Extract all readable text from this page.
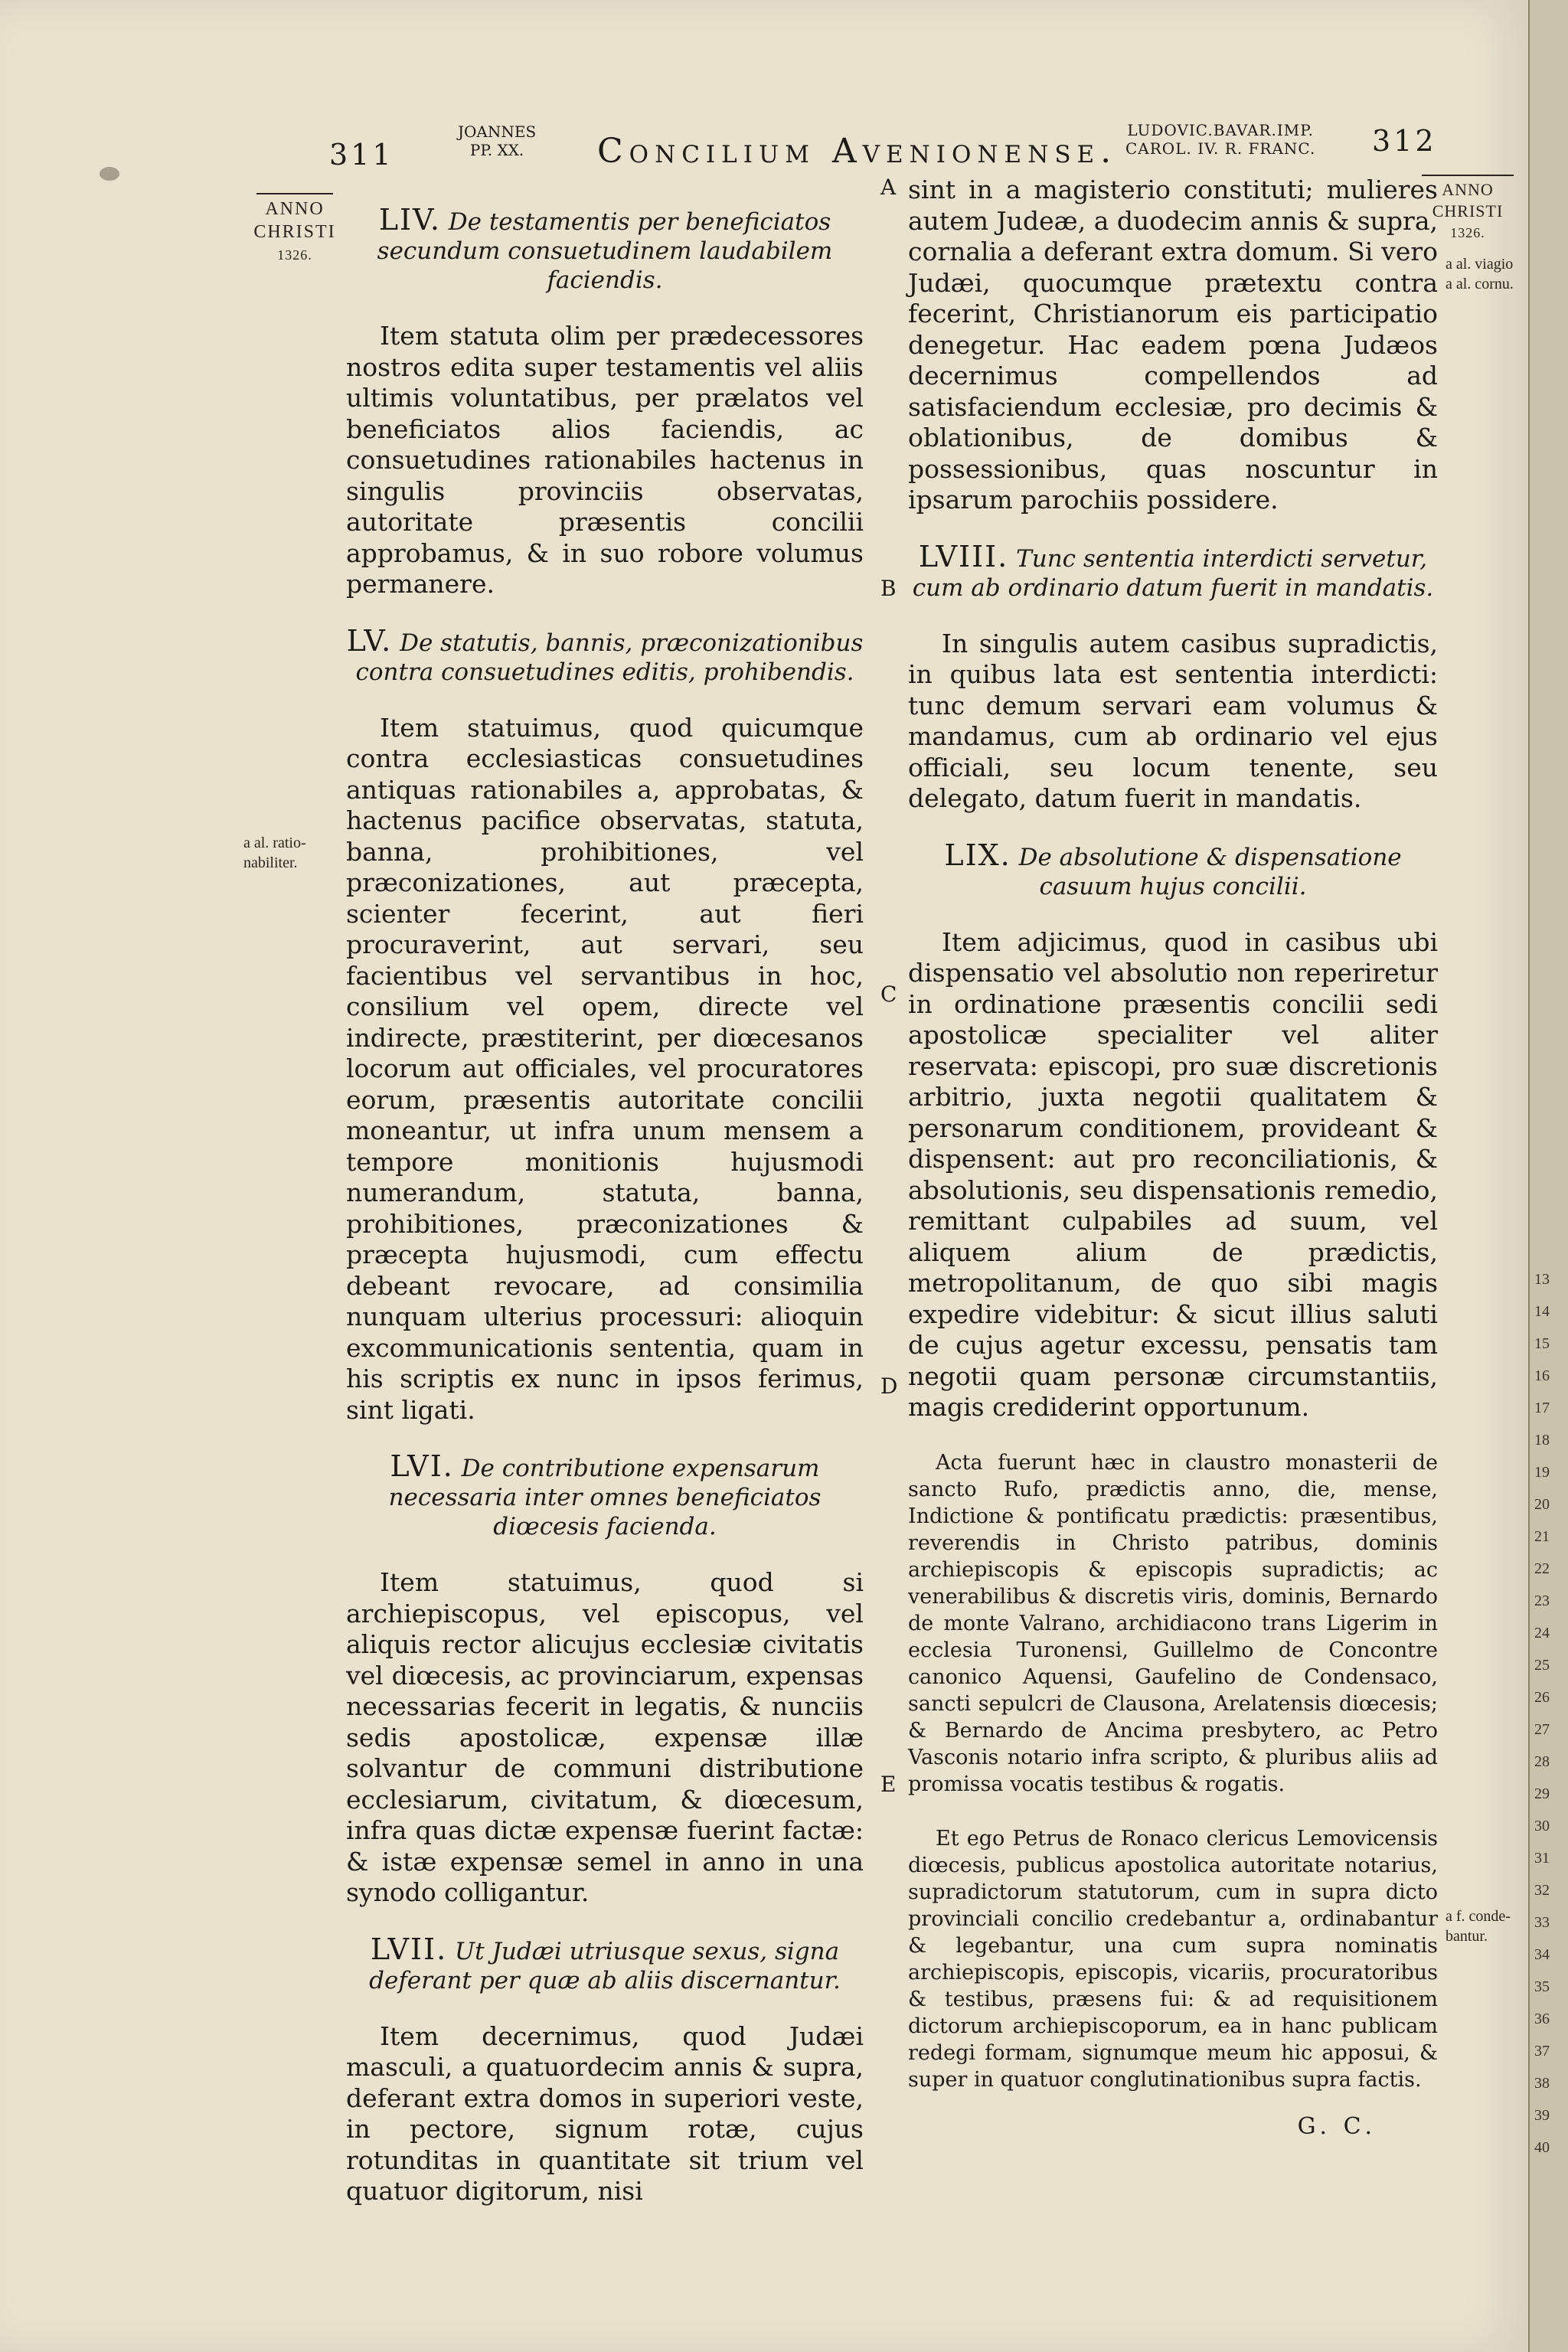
311
JOANNES
PP. XX.	Concilium Avenionense.
LUDOVIC.BAVAR.IMP.
CAROL. IV. R. FRANC. 312
ANNO
CHRISTI
1326.
ANNO
CHRISTI
1326.
a al. ratio-nabiliter.
a al. viagio
a al. cornu.
a f. conde-bantur.
A
B
C
D
E
LIV. De testamentis per beneficiatos secundum consuetudinem laudabilem faciendis.

Item statuta olim per prædecessores nostros edita super testamentis vel aliis ultimis voluntatibus, per prælatos vel beneficiatos alios faciendis, ac consuetudines rationabiles hactenus in singulis provinciis observatas, autoritate præsentis concilii approbamus, & in suo robore volumus permanere.

LV. De statutis, bannis, præconizationibus contra consuetudines editis, prohibendis.

Item statuimus, quod quicumque contra ecclesiasticas consuetudines antiquas rationabiles a, approbatas, & hactenus pacifice observatas, statuta, banna, prohibitiones, vel præconizationes, aut præcepta, scienter fecerint, aut fieri procuraverint, aut servari, seu facientibus vel servantibus in hoc, consilium vel opem, directe vel indirecte, præstiterint, per diœcesanos locorum aut officiales, vel procuratores eorum, præsentis autoritate concilii moneantur, ut infra unum mensem a tempore monitionis hujusmodi numerandum, statuta, banna, prohibitiones, præconizationes & præcepta hujusmodi, cum effectu debeant revocare, ad consimilia nunquam ulterius processuri: alioquin excommunicationis sententia, quam in his scriptis ex nunc in ipsos ferimus, sint ligati.

LVI. De contributione expensarum necessaria inter omnes beneficiatos diœcesis facienda.

Item statuimus, quod si archiepiscopus, vel episcopus, vel aliquis rector alicujus ecclesiæ civitatis vel diœcesis, ac provinciarum, expensas necessarias fecerit in legatis, & nunciis sedis apostolicæ, expensæ illæ solvantur de communi distributione ecclesiarum, civitatum, & diœcesum, infra quas dictæ expensæ fuerint factæ: & istæ expensæ semel in anno in una synodo colligantur.

LVII. Ut Judæi utriusque sexus, signa deferant per quæ ab aliis discernantur.

Item decernimus, quod Judæi masculi, a quatuordecim annis & supra, deferant extra domos in superiori veste, in pectore, signum rotæ, cujus rotunditas in quantitate sit trium vel quatuor digitorum, nisi

sint in a magisterio constituti; mulieres autem Judeæ, a duodecim annis & supra, cornalia a deferant extra domum. Si vero Judæi, quocumque prætextu contra fecerint, Christianorum eis participatio denegetur. Hac eadem pœna Judæos decernimus compellendos ad satisfaciendum ecclesiæ, pro decimis & oblationibus, de domibus & possessionibus, quas noscuntur in ipsarum parochiis possidere.

LVIII. Tunc sententia interdicti servetur, cum ab ordinario datum fuerit in mandatis.

In singulis autem casibus supradictis, in quibus lata est sententia interdicti: tunc demum servari eam volumus & mandamus, cum ab ordinario vel ejus officiali, seu locum tenente, seu delegato, datum fuerit in mandatis.

LIX. De absolutione & dispensatione casuum hujus concilii.

Item adjicimus, quod in casibus ubi dispensatio vel absolutio non reperiretur in ordinatione præsentis concilii sedi apostolicæ specialiter vel aliter reservata: episcopi, pro suæ discretionis arbitrio, juxta negotii qualitatem & personarum conditionem, provideant & dispensent: aut pro reconciliationis, & absolutionis, seu dispensationis remedio, remittant culpabiles ad suum, vel aliquem alium de prædictis, metropolitanum, de quo sibi magis expedire videbitur: & sicut illius saluti de cujus agetur excessu, pensatis tam negotii quam personæ circumstantiis, magis crediderint opportunum.

Acta fuerunt hæc in claustro monasterii de sancto Rufo, prædictis anno, die, mense, Indictione & pontificatu prædictis: præsentibus, reverendis in Christo patribus, dominis archiepiscopis & episcopis supradictis; ac venerabilibus & discretis viris, dominis, Bernardo de monte Valrano, archidiacono trans Ligerim in ecclesia Turonensi, Guillelmo de Concontre canonico Aquensi, Gaufelino de Condensaco, sancti sepulcri de Clausona, Arelatensis diœcesis; & Bernardo de Ancima presbytero, ac Petro Vasconis notario infra scripto, & pluribus aliis ad promissa vocatis testibus & rogatis.

Et ego Petrus de Ronaco clericus Lemovicensis diœcesis, publicus apostolica autoritate notarius, supradictorum statutorum, cum in supra dicto provinciali concilio credebantur a, ordinabantur & legebantur, una cum supra nominatis archiepiscopis, episcopis, vicariis, procuratoribus & testibus, præsens fui: & ad requisitionem dictorum archiepiscoporum, ea in hanc publicam redegi formam, signumque meum hic apposui, & super in quatuor conglutinationibus supra factis.

G. C.
13
14
15
16
17
18
19
20
21
22
23
24
25
26
27
28
29
30
31
32
33
34
35
36
37
38
39
40
